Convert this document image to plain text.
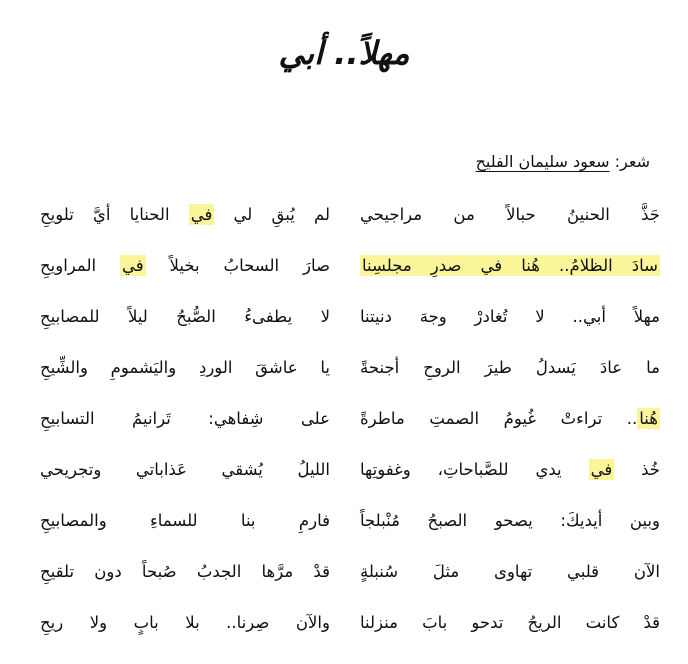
مهلاً.. أبي
شعر: سعود سليمان الفليح
جَذَّ الحنينُ حبالاً من مراجيحي
سادَ الظلامُ.. هُنا في صدرِ مجلسِنا
مهلاً أبي.. لا تُغادرْ وجهَ دنيتنا
ما عادَ يَسدلُ طيرَ الروحِ أجنحةً
هُنا.. تراءتْ غُيومُ الصمتِ ماطرةً
خُذ في يدي للصَّباحاتِ، وغفوتِها
وبين أيديكَ: يصحو الصبحُ مُنْبلجاً
الآن قلبي تهاوى مثلَ سُنبلةٍ
قدْ كانت الريحُ تدحو بابَ منزلنا
لم يُبقِ لي في الحنايا أيَّ تلويحِ
صارَ السحابُ بخيلاً في المراويحِ
لا يطفىءُ الصُّبحُ ليلاً للمصابيحِ
يا عاشقَ الوردِ واليَشمومِ والشِّيحِ
على شِفاهي: تَرانيمُ التسابيحِ
الليلُ يُشقي عَذاباتي وتجريحي
فارمِ بنا للسماءِ والمصابيحِ
قدْ مرَّها الجدبُ صُبحاً دون تلقيحِ
والآن صِرنا.. بلا بابٍ ولا ريحِ
